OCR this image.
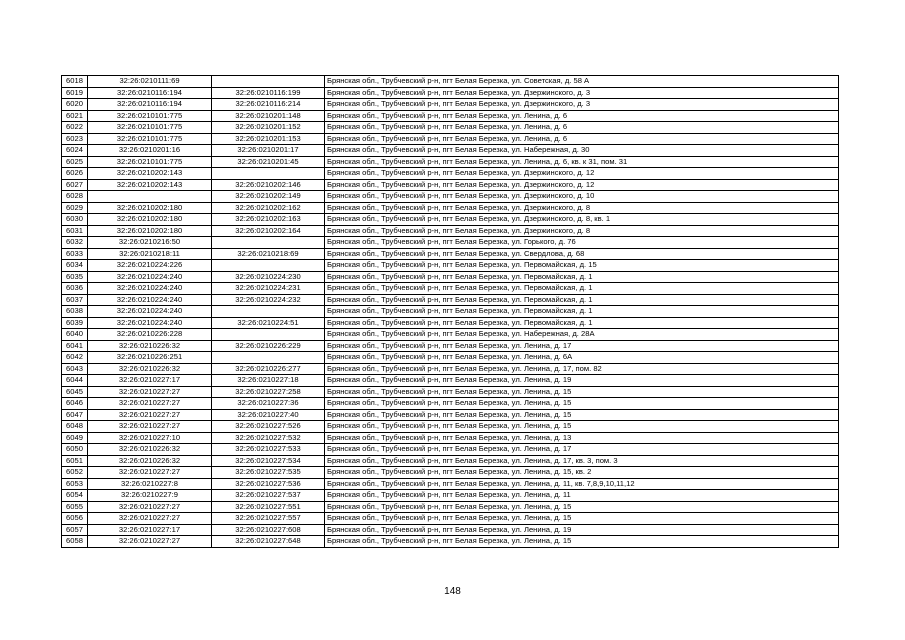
6018	32:26:0210111:69		Брянская обл., Трубчевский р-н, пгт Белая Березка, ул. Советская, д. 58 А
6019	32:26:0210116:194	32:26:0210116:199	Брянская обл., Трубчевский р-н, пгт Белая Березка, ул. Дзержинского, д. 3
6020	32:26:0210116:194	32:26:0210116:214	Брянская обл., Трубчевский р-н, пгт Белая Березка, ул. Дзержинского, д. 3
6021	32:26:0210101:775	32:26:0210201:148	Брянская обл., Трубчевский р-н, пгт Белая Березка, ул. Ленина, д. 6
6022	32:26:0210101:775	32:26:0210201:152	Брянская обл., Трубчевский р-н, пгт Белая Березка, ул. Ленина, д. 6
6023	32:26:0210101:775	32:26:0210201:153	Брянская обл., Трубчевский р-н, пгт Белая Березка, ул. Ленина, д. 6
6024	32:26:0210201:16	32:26:0210201:17	Брянская обл., Трубчевский р-н, пгт Белая Березка, ул. Набережная, д. 30
6025	32:26:0210101:775	32:26:0210201:45	Брянская обл., Трубчевский р-н, пгт Белая Березка, ул. Ленина, д. 6, кв. к 31, пом. 31
6026	32:26:0210202:143		Брянская обл., Трубчевский р-н, пгт Белая Березка, ул. Дзержинского, д. 12
6027	32:26:0210202:143	32:26:0210202:146	Брянская обл., Трубчевский р-н, пгт Белая Березка, ул. Дзержинского, д. 12
6028		32:26:0210202:149	Брянская обл., Трубчевский р-н, пгт Белая Березка, ул. Дзержинского, д. 10
6029	32:26:0210202:180	32:26:0210202:162	Брянская обл., Трубчевский р-н, пгт Белая Березка, ул. Дзержинского, д. 8
6030	32:26:0210202:180	32:26:0210202:163	Брянская обл., Трубчевский р-н, пгт Белая Березка, ул. Дзержинского, д. 8, кв. 1
6031	32:26:0210202:180	32:26:0210202:164	Брянская обл., Трубчевский р-н, пгт Белая Березка, ул. Дзержинского, д. 8
6032	32:26:0210216:50		Брянская обл., Трубчевский р-н, пгт Белая Березка, ул. Горького, д. 76
6033	32:26:0210218:11	32:26:0210218:69	Брянская обл., Трубчевский р-н, пгт Белая Березка, ул. Свердлова, д. 68
6034	32:26:0210224:226		Брянская обл., Трубчевский р-н, пгт Белая Березка, ул. Первомайская, д. 15
6035	32:26:0210224:240	32:26:0210224:230	Брянская обл., Трубчевский р-н, пгт Белая Березка, ул. Первомайская, д. 1
6036	32:26:0210224:240	32:26:0210224:231	Брянская обл., Трубчевский р-н, пгт Белая Березка, ул. Первомайская, д. 1
6037	32:26:0210224:240	32:26:0210224:232	Брянская обл., Трубчевский р-н, пгт Белая Березка, ул. Первомайская, д. 1
6038	32:26:0210224:240		Брянская обл., Трубчевский р-н, пгт Белая Березка, ул. Первомайская, д. 1
6039	32:26:0210224:240	32:26:0210224:51	Брянская обл., Трубчевский р-н, пгт Белая Березка, ул. Первомайская, д. 1
6040	32:26:0210226:228		Брянская обл., Трубчевский р-н, пгт Белая Березка, ул. Набережная, д. 28А
6041	32:26:0210226:32	32:26:0210226:229	Брянская обл., Трубчевский р-н, пгт Белая Березка, ул. Ленина, д. 17
6042	32:26:0210226:251		Брянская обл., Трубчевский р-н, пгт Белая Березка, ул. Ленина, д. 6А
6043	32:26:0210226:32	32:26:0210226:277	Брянская обл., Трубчевский р-н, пгт Белая Березка, ул. Ленина, д. 17, пом. 82
6044	32:26:0210227:17	32:26:0210227:18	Брянская обл., Трубчевский р-н, пгт Белая Березка, ул. Ленина, д. 19
6045	32:26:0210227:27	32:26:0210227:258	Брянская обл., Трубчевский р-н, пгт Белая Березка, ул. Ленина, д. 15
6046	32:26:0210227:27	32:26:0210227:36	Брянская обл., Трубчевский р-н, пгт Белая Березка, ул. Ленина, д. 15
6047	32:26:0210227:27	32:26:0210227:40	Брянская обл., Трубчевский р-н, пгт Белая Березка, ул. Ленина, д. 15
6048	32:26:0210227:27	32:26:0210227:526	Брянская обл., Трубчевский р-н, пгт Белая Березка, ул. Ленина, д. 15
6049	32:26:0210227:10	32:26:0210227:532	Брянская обл., Трубчевский р-н, пгт Белая Березка, ул. Ленина, д. 13
6050	32:26:0210226:32	32:26:0210227:533	Брянская обл., Трубчевский р-н, пгт Белая Березка, ул. Ленина, д. 17
6051	32:26:0210226:32	32:26:0210227:534	Брянская обл., Трубчевский р-н, пгт Белая Березка, ул. Ленина, д. 17, кв. 3, пом. 3
6052	32:26:0210227:27	32:26:0210227:535	Брянская обл., Трубчевский р-н, пгт Белая Березка, ул. Ленина, д. 15, кв. 2
6053	32:26:0210227:8	32:26:0210227:536	Брянская обл., Трубчевский р-н, пгт Белая Березка, ул. Ленина, д. 11, кв. 7,8,9,10,11,12
6054	32:26:0210227:9	32:26:0210227:537	Брянская обл., Трубчевский р-н, пгт Белая Березка, ул. Ленина, д. 11
6055	32:26:0210227:27	32:26:0210227:551	Брянская обл., Трубчевский р-н, пгт Белая Березка, ул. Ленина, д. 15
6056	32:26:0210227:27	32:26:0210227:557	Брянская обл., Трубчевский р-н, пгт Белая Березка, ул. Ленина, д. 15
6057	32:26:0210227:17	32:26:0210227:608	Брянская обл., Трубчевский р-н, пгт Белая Березка, ул. Ленина, д. 19
6058	32:26:0210227:27	32:26:0210227:648	Брянская обл., Трубчевский р-н, пгт Белая Березка, ул. Ленина, д. 15
148
